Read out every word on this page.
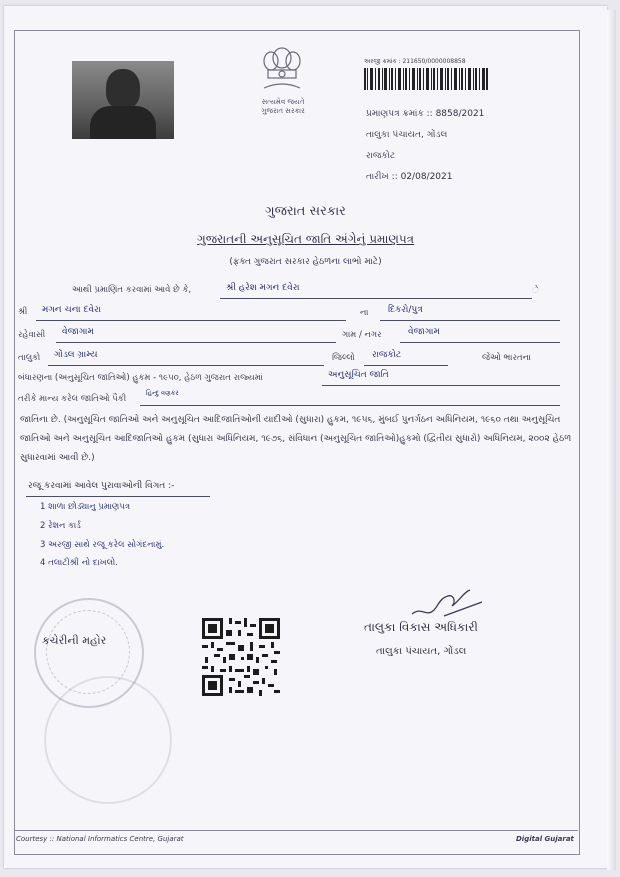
સત્યમેવ જયતે
ગુજરાત સરકાર
અરજી ક્રમાંક : 211650/0000008858
પ્રમાણપત્ર ક્રમાંક :: 8858/2021
તાલુકા પંચાયત, ગોંડલ
રાજકોટ
તારીખ :: 02/08/2021
ગુજરાત સરકાર
ગુજરાતની અનુસૂચિત જાતિ અંગેનું પ્રમાણપત્ર
(ફક્ત ગુજરાત સરકાર હેઠળના લાભો માટે)
આથી પ્રમાણિત કરવામાં આવે છે કે,	શ્રી હરેશ મગન દવેરા	ે
શ્રી મગન ચના દવેરા	ના દિકરો/પુત્ર
રહેવાસી વેજાગામ	ગામ / નગર	વેજાગામ
તાલુકો ગોંડલ ગ્રામ્ય	જિલ્લો રાજકોટ	જેઓ ભારતના
બંધારણના (અનુસૂચિત જાતિઓ) હુકમ - ૧૯૫૦, હેઠળ ગુજરાત રાજ્યમાં	અનુસૂચિત જાતિ
તરીકે માન્ય કરેલ જાતિઓ પૈકી
હિન્દુ વણકર
જાતિના છે. (અનુસૂચિત જાતિઓ અને અનુસૂચિત આદિજાતિઓની યાદીઓ (સુધારા) હુકમ, ૧૯૫૬, મુંબઈ પુનર્ગઠન અધિનિયમ, ૧૯૬૦ તથા અનુસૂચિત જાતિઓ અને અનુસૂચિત આદિજાતિઓ હુકમ (સુધારા અધિનિયમ, ૧૯૭૬, સંવિધાન (અનુસૂચિત જાતિઓ)હુકમો (દ્વિતીય સુધારો) અધિનિયમ, ૨૦૦૨ હેઠળ સુધારવામાં આવી છે.)
રજૂ કરવામાં આવેલ પુરાવાઓની વિગત :-
1 શાળા છોડ્યાનુ પ્રમાણપત્ર
2 રેશન કાર્ડ
3 અરજી સાથે રજૂ કરેલ સોગંદનામું.
4 તલાટીશ્રી નો દાખલો.
કચેરીની મહોર
તાલુકા વિકાસ અધિકારી
તાલુકા પંચાયત, ગોંડલ
Courtesy :: National Informatics Centre, Gujarat	Digital Gujarat
